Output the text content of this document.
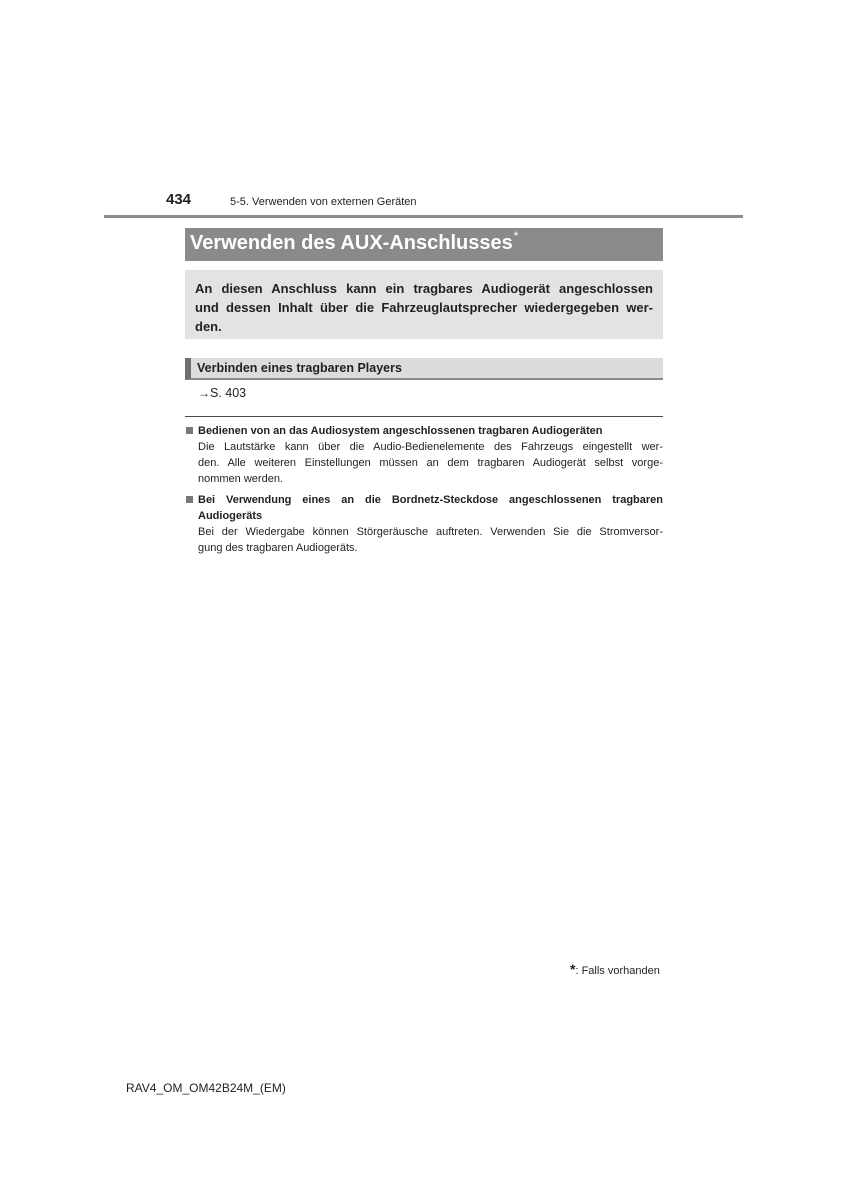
434	5-5. Verwenden von externen Geräten
Verwenden des AUX-Anschlusses*
An diesen Anschluss kann ein tragbares Audiogerät angeschlossen
und dessen Inhalt über die Fahrzeuglautsprecher wiedergegeben wer-
den.
Verbinden eines tragbaren Players
→S. 403
Bedienen von an das Audiosystem angeschlossenen tragbaren Audiogeräten
Die Lautstärke kann über die Audio-Bedienelemente des Fahrzeugs eingestellt wer-
den. Alle weiteren Einstellungen müssen an dem tragbaren Audiogerät selbst vorge-
nommen werden.
Bei Verwendung eines an die Bordnetz-Steckdose angeschlossenen tragbaren
Audiogeräts
Bei der Wiedergabe können Störgeräusche auftreten. Verwenden Sie die Stromversor-
gung des tragbaren Audiogeräts.
*: Falls vorhanden
RAV4_OM_OM42B24M_(EM)
